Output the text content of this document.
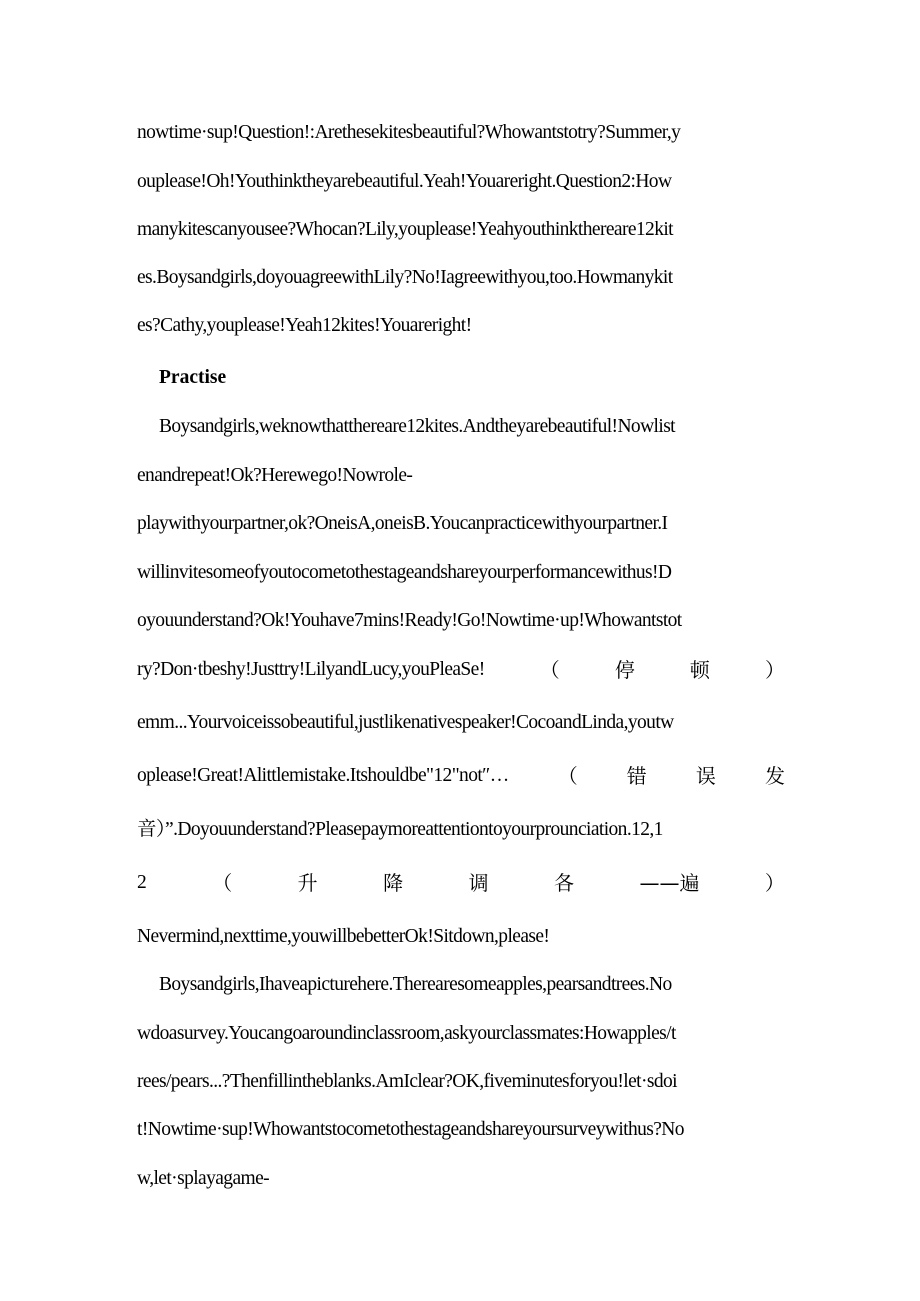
nowtime·sup!Question!:Arethesekitesbeautiful?Whowantstotry?Summer,y
ouplease!Oh!Youthinktheyarebeautiful.Yeah!Youareright.Question2:How
manykitescanyousee?Whocan?Lily,youplease!Yeahyouthinkthereare12kit
es.Boysandgirls,doyouagreewithLily?No!Iagreewithyou,too.Howmanykit
es?Cathy,youplease!Yeah12kites!Youareright!
Practise
Boysandgirls,weknowthatthereare12kites.Andtheyarebeautiful!Nowlist
enandrepeat!Ok?Herewego!Nowrole-
playwithyourpartner,ok?OneisA,oneisB.Youcanpracticewithyourpartner.I
willinvitesomeofyoutocometothestageandshareyourperformancewithus!D
oyouunderstand?Ok!Youhave7mins!Ready!Go!Nowtime·up!Whowantstot
ry?Don·tbeshy!Justtry!LilyandLucy,youPleaSe!	（	停	顿	）
emm...Yourvoiceissobeautiful,justlikenativespeaker!CocoandLinda,youtw
oplease!Great!Alittlemistake.Itshouldbe"12"not″… （ 错 误 发
音）”.Doyouunderstand?Pleasepaymoreattentiontoyourprounciation.12,1
2	（	升	降	调	各	——遍	）
Nevermind,nexttime,youwillbebetterOk!Sitdown,please!
Boysandgirls,Ihaveapicturehere.Therearesomeapples,pearsandtrees.No
wdoasurvey.Youcangoaroundinclassroom,askyourclassmates:Howapples/t
rees/pears...?Thenfillintheblanks.AmIclear?OK,fiveminutesforyou!let·sdoi
t!Nowtime·sup!Whowantstocometothestageandshareyoursurveywithus?No
w,let·splayagame-
